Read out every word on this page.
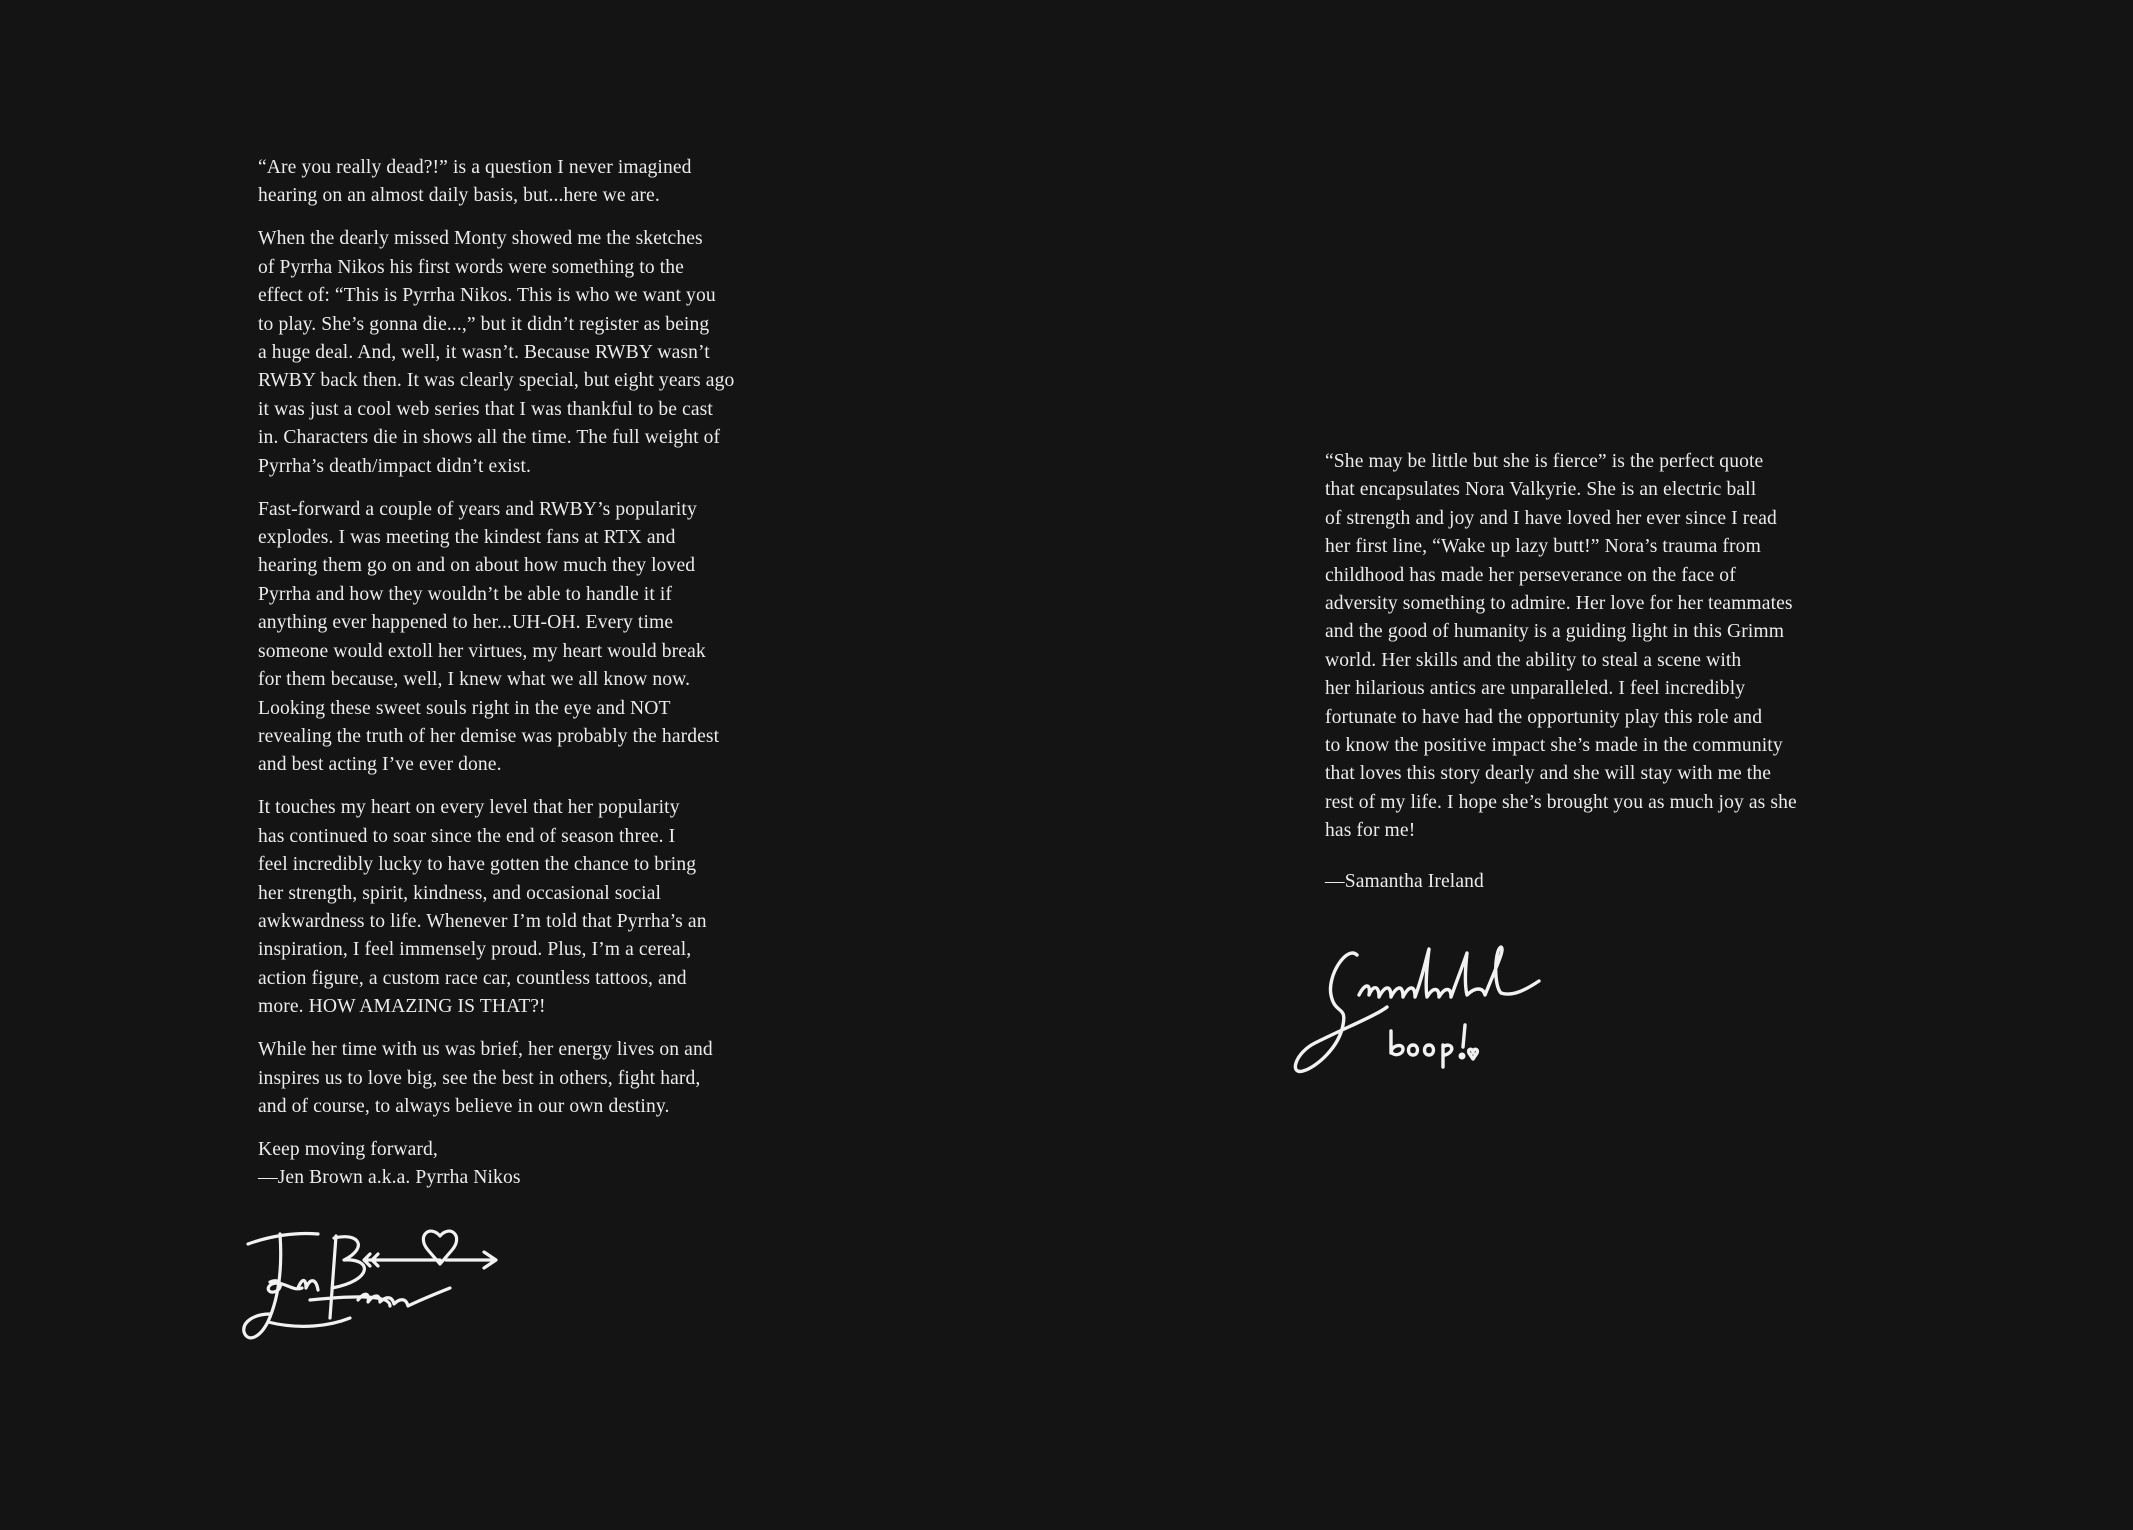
“Are you really dead?!” is a question I never imagined
hearing on an almost daily basis, but...here we are.

When the dearly missed Monty showed me the sketches
of Pyrrha Nikos his first words were something to the
effect of: “This is Pyrrha Nikos. This is who we want you
to play. She’s gonna die...,” but it didn’t register as being
a huge deal. And, well, it wasn’t. Because RWBY wasn’t
RWBY back then. It was clearly special, but eight years ago
it was just a cool web series that I was thankful to be cast
in. Characters die in shows all the time. The full weight of
Pyrrha’s death/impact didn’t exist.

Fast-forward a couple of years and RWBY’s popularity
explodes. I was meeting the kindest fans at RTX and
hearing them go on and on about how much they loved
Pyrrha and how they wouldn’t be able to handle it if
anything ever happened to her...UH-OH. Every time
someone would extoll her virtues, my heart would break
for them because, well, I knew what we all know now.
Looking these sweet souls right in the eye and NOT
revealing the truth of her demise was probably the hardest
and best acting I’ve ever done.

It touches my heart on every level that her popularity
has continued to soar since the end of season three. I
feel incredibly lucky to have gotten the chance to bring
her strength, spirit, kindness, and occasional social
awkwardness to life. Whenever I’m told that Pyrrha’s an
inspiration, I feel immensely proud. Plus, I’m a cereal,
action figure, a custom race car, countless tattoos, and
more. HOW AMAZING IS THAT?!

While her time with us was brief, her energy lives on and
inspires us to love big, see the best in others, fight hard,
and of course, to always believe in our own destiny.

Keep moving forward,
—Jen Brown a.k.a. Pyrrha Nikos

“She may be little but she is fierce” is the perfect quote
that encapsulates Nora Valkyrie. She is an electric ball
of strength and joy and I have loved her ever since I read
her first line, “Wake up lazy butt!” Nora’s trauma from
childhood has made her perseverance on the face of
adversity something to admire. Her love for her teammates
and the good of humanity is a guiding light in this Grimm
world. Her skills and the ability to steal a scene with
her hilarious antics are unparalleled. I feel incredibly
fortunate to have had the opportunity play this role and
to know the positive impact she’s made in the community
that loves this story dearly and she will stay with me the
rest of my life. I hope she’s brought you as much joy as she
has for me!

—Samantha Ireland
